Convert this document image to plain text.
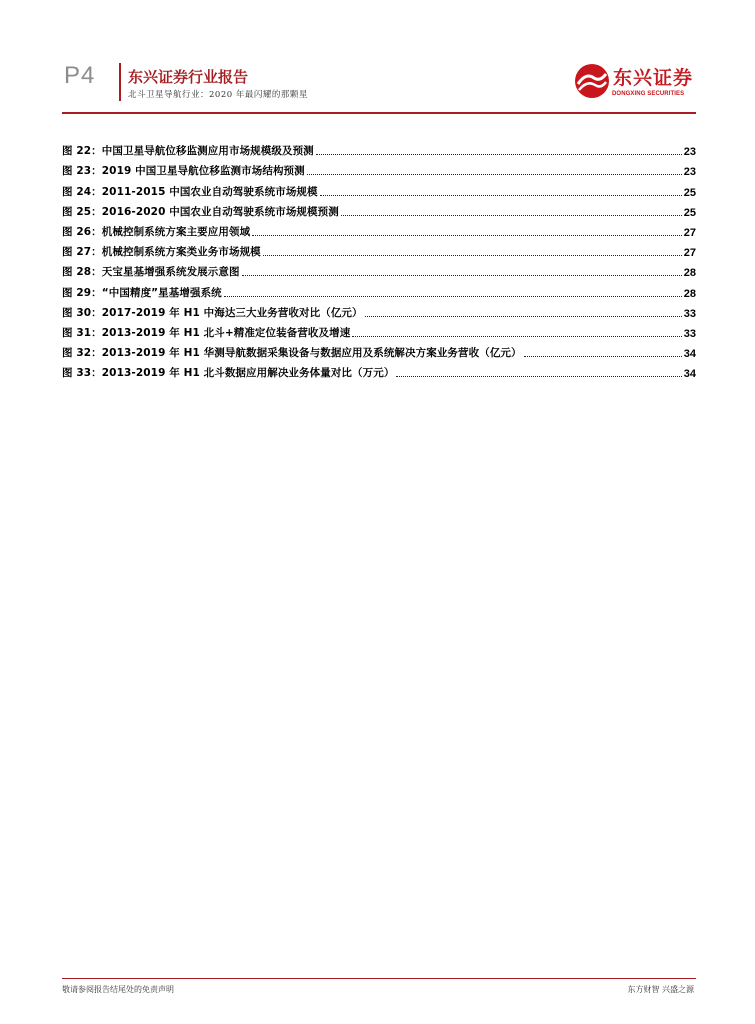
P4 东兴证券行业报告
北斗卫星导航行业：2020 年最闪耀的那颗星
东兴证券
DONGXING SECURITIES
图 22：中国卫星导航位移监测应用市场规模级及预测	23
图 23：2019 中国卫星导航位移监测市场结构预测	23
图 24：2011-2015 中国农业自动驾驶系统市场规模	25
图 25：2016-2020 中国农业自动驾驶系统市场规模预测	25
图 26：机械控制系统方案主要应用领域	27
图 27：机械控制系统方案类业务市场规模	27
图 28：天宝星基增强系统发展示意图	28
图 29：“中国精度”星基增强系统	28
图 30：2017-2019 年 H1 中海达三大业务营收对比（亿元）	33
图 31：2013-2019 年 H1 北斗+精准定位装备营收及增速	33
图 32：2013-2019 年 H1 华测导航数据采集设备与数据应用及系统解决方案业务营收（亿元）	34
图 33：2013-2019 年 H1 北斗数据应用解决业务体量对比（万元）	34
敬请参阅报告结尾处的免责声明	东方财智 兴盛之源
